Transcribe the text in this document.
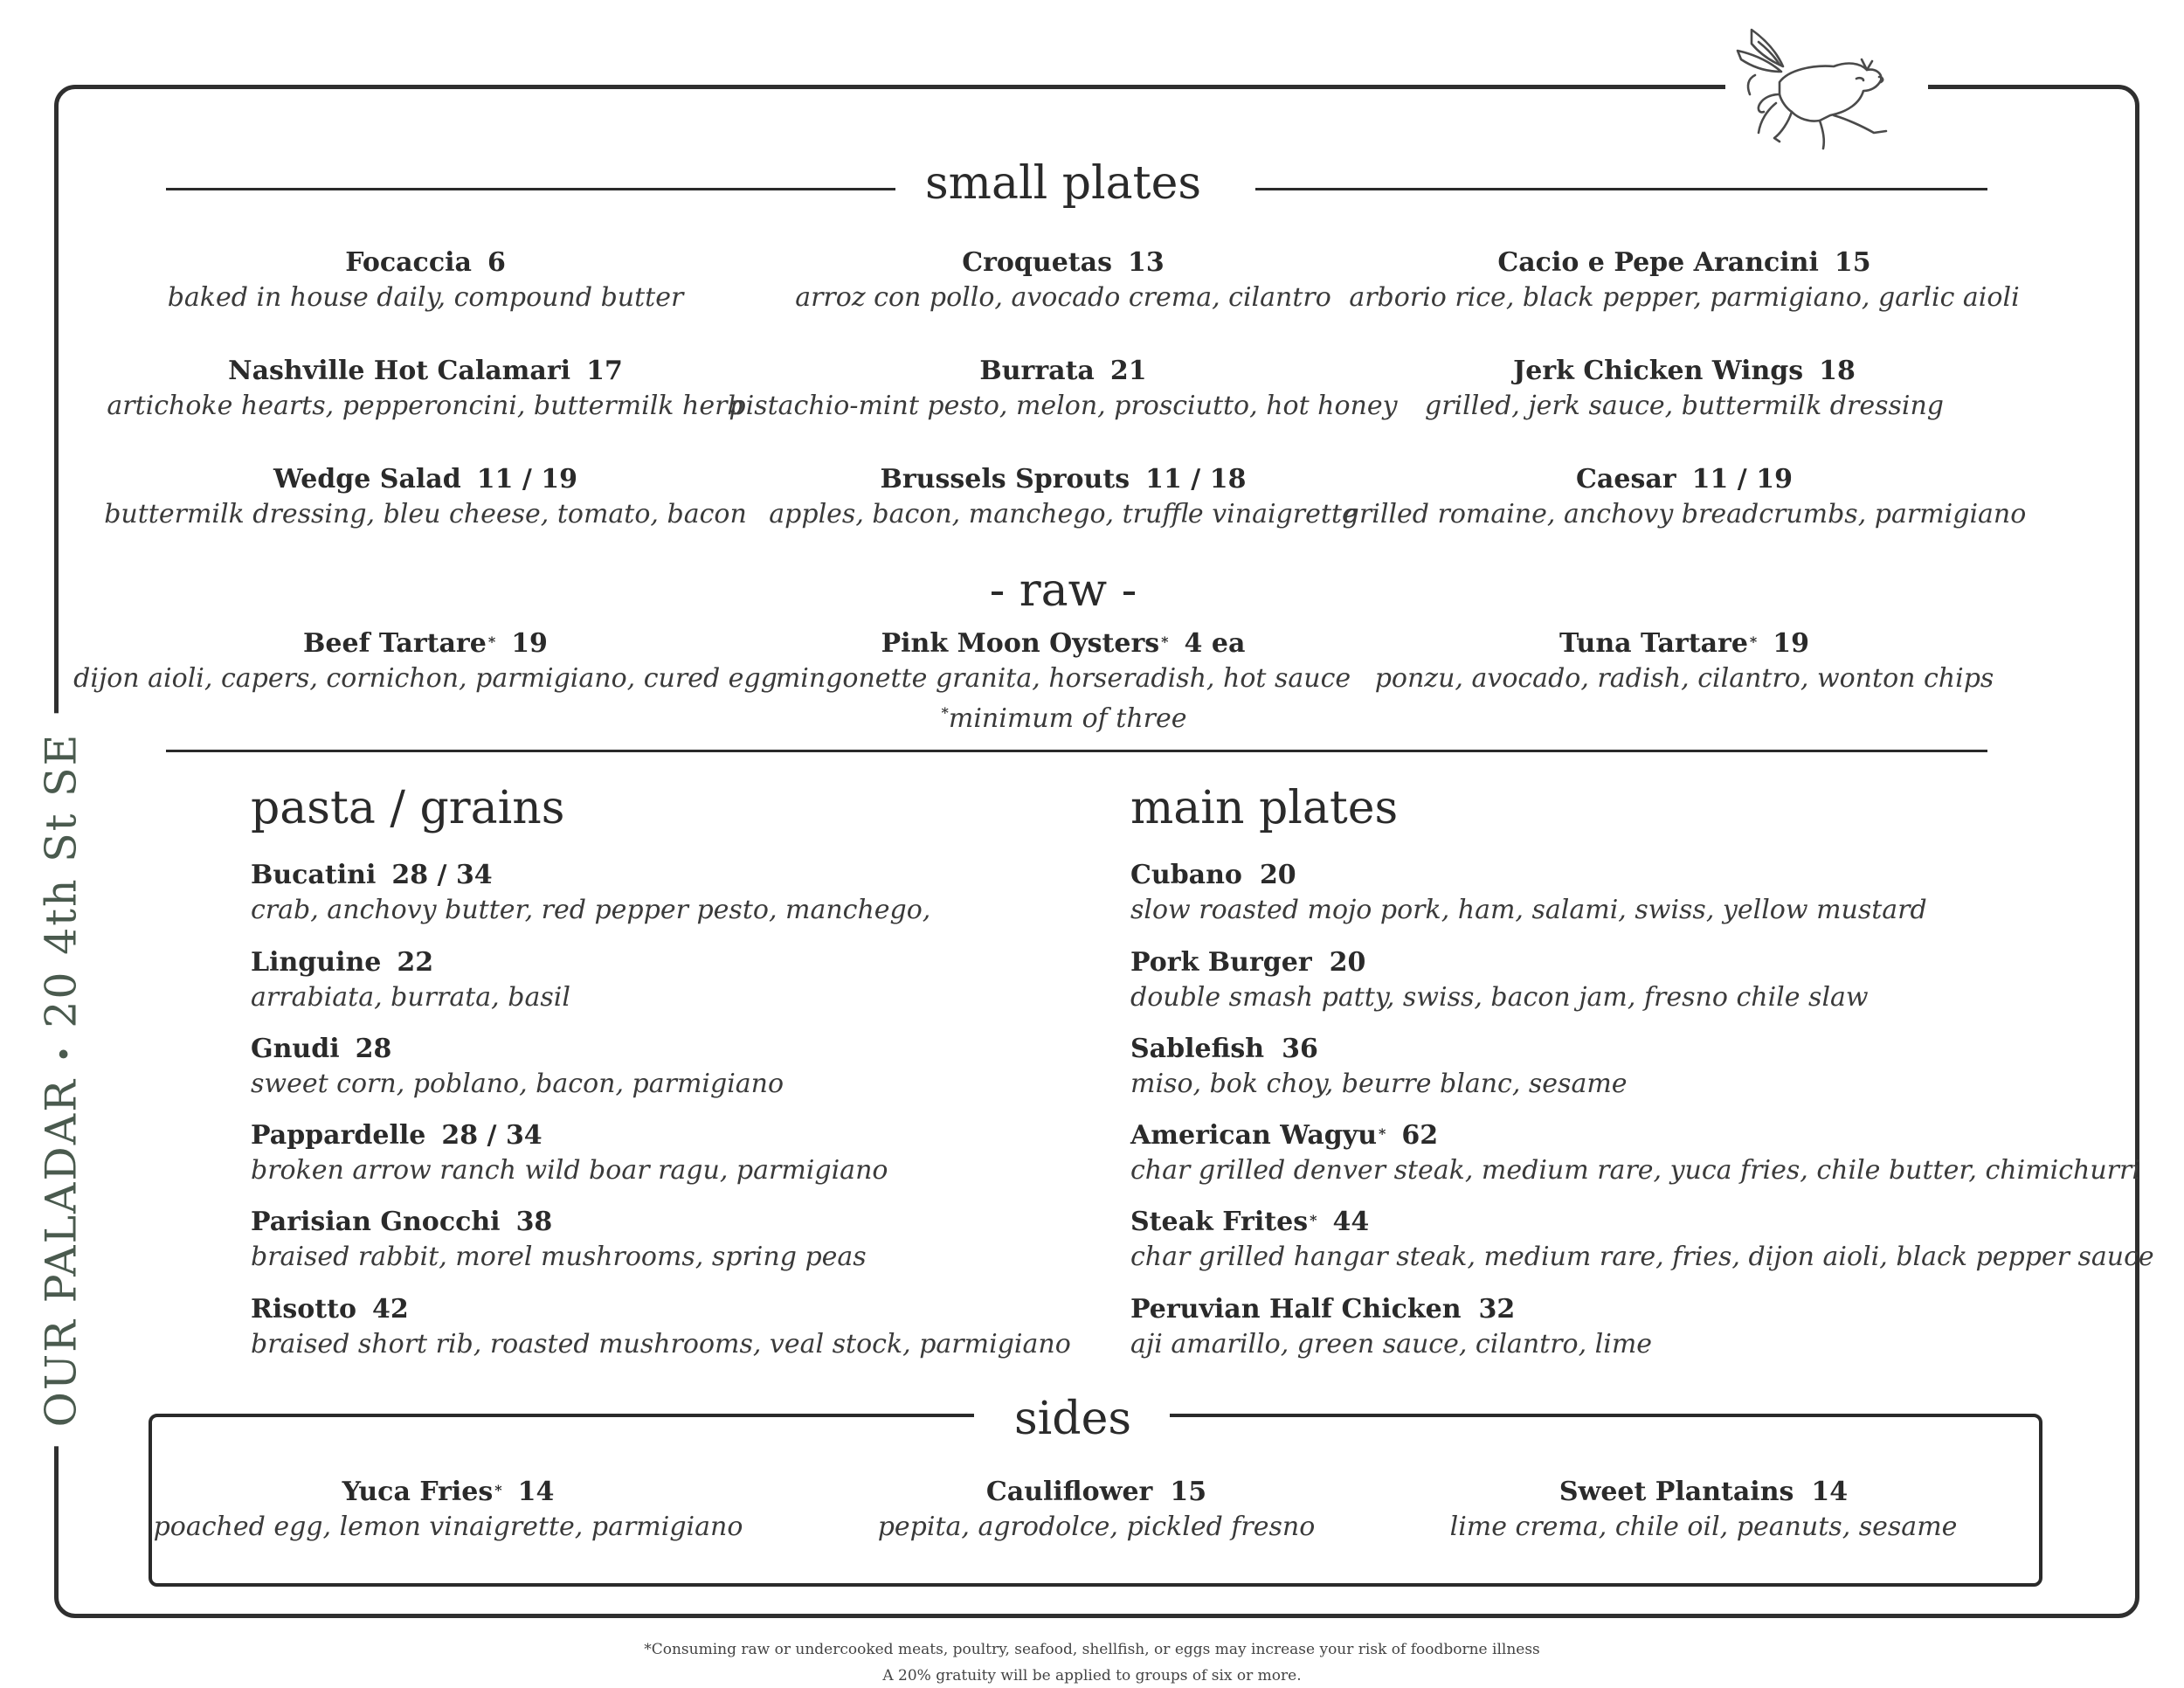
OUR PALADAR • 20 4th St SE
small plates
Focaccia 6
baked in house daily, compound butter
Croquetas 13
arroz con pollo, avocado crema, cilantro
Cacio e Pepe Arancini 15
arborio rice, black pepper, parmigiano, garlic aioli
Nashville Hot Calamari 17
artichoke hearts, pepperoncini, buttermilk herb
Burrata 21
pistachio-mint pesto, melon, prosciutto, hot honey
Jerk Chicken Wings 18
grilled, jerk sauce, buttermilk dressing
Wedge Salad 11 / 19
buttermilk dressing, bleu cheese, tomato, bacon
Brussels Sprouts 11 / 18
apples, bacon, manchego, truffle vinaigrette
Caesar 11 / 19
grilled romaine, anchovy breadcrumbs, parmigiano
- raw -
Beef Tartare * 19
dijon aioli, capers, cornichon, parmigiano, cured egg
Pink Moon Oysters * 4 ea
mingonette granita, horseradish, hot sauce
*minimum of three
Tuna Tartare * 19
ponzu, avocado, radish, cilantro, wonton chips
pasta / grains
Bucatini 28 / 34
crab, anchovy butter, red pepper pesto, manchego,
Linguine 22
arrabiata, burrata, basil
Gnudi 28
sweet corn, poblano, bacon, parmigiano
Pappardelle 28 / 34
broken arrow ranch wild boar ragu, parmigiano
Parisian Gnocchi 38
braised rabbit, morel mushrooms, spring peas
Risotto 42
braised short rib, roasted mushrooms, veal stock, parmigiano
main plates
Cubano 20
slow roasted mojo pork, ham, salami, swiss, yellow mustard
Pork Burger 20
double smash patty, swiss, bacon jam, fresno chile slaw
Sablefish 36
miso, bok choy, beurre blanc, sesame
American Wagyu * 62
char grilled denver steak, medium rare, yuca fries, chile butter, chimichurri
Steak Frites * 44
char grilled hangar steak, medium rare, fries, dijon aioli, black pepper sauce
Peruvian Half Chicken 32
aji amarillo, green sauce, cilantro, lime
sides
Yuca Fries * 14
poached egg, lemon vinaigrette, parmigiano
Cauliflower 15
pepita, agrodolce, pickled fresno
Sweet Plantains 14
lime crema, chile oil, peanuts, sesame
*Consuming raw or undercooked meats, poultry, seafood, shellfish, or eggs may increase your risk of foodborne illness
A 20% gratuity will be applied to groups of six or more.
